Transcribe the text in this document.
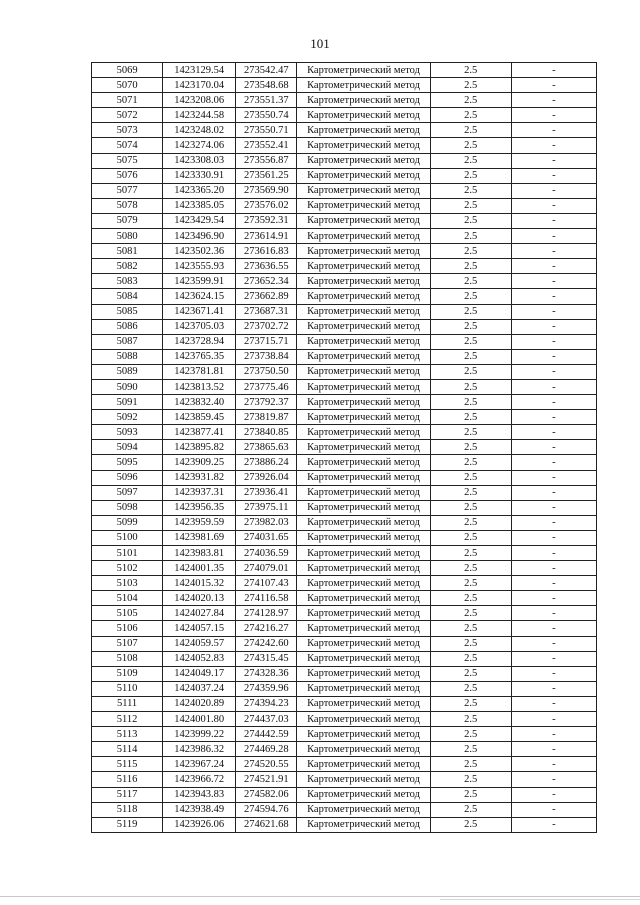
101
5069	1423129.54	273542.47	Картометрический метод	2.5	-
5070	1423170.04	273548.68	Картометрический метод	2.5	-
5071	1423208.06	273551.37	Картометрический метод	2.5	-
5072	1423244.58	273550.74	Картометрический метод	2.5	-
5073	1423248.02	273550.71	Картометрический метод	2.5	-
5074	1423274.06	273552.41	Картометрический метод	2.5	-
5075	1423308.03	273556.87	Картометрический метод	2.5	-
5076	1423330.91	273561.25	Картометрический метод	2.5	-
5077	1423365.20	273569.90	Картометрический метод	2.5	-
5078	1423385.05	273576.02	Картометрический метод	2.5	-
5079	1423429.54	273592.31	Картометрический метод	2.5	-
5080	1423496.90	273614.91	Картометрический метод	2.5	-
5081	1423502.36	273616.83	Картометрический метод	2.5	-
5082	1423555.93	273636.55	Картометрический метод	2.5	-
5083	1423599.91	273652.34	Картометрический метод	2.5	-
5084	1423624.15	273662.89	Картометрический метод	2.5	-
5085	1423671.41	273687.31	Картометрический метод	2.5	-
5086	1423705.03	273702.72	Картометрический метод	2.5	-
5087	1423728.94	273715.71	Картометрический метод	2.5	-
5088	1423765.35	273738.84	Картометрический метод	2.5	-
5089	1423781.81	273750.50	Картометрический метод	2.5	-
5090	1423813.52	273775.46	Картометрический метод	2.5	-
5091	1423832.40	273792.37	Картометрический метод	2.5	-
5092	1423859.45	273819.87	Картометрический метод	2.5	-
5093	1423877.41	273840.85	Картометрический метод	2.5	-
5094	1423895.82	273865.63	Картометрический метод	2.5	-
5095	1423909.25	273886.24	Картометрический метод	2.5	-
5096	1423931.82	273926.04	Картометрический метод	2.5	-
5097	1423937.31	273936.41	Картометрический метод	2.5	-
5098	1423956.35	273975.11	Картометрический метод	2.5	-
5099	1423959.59	273982.03	Картометрический метод	2.5	-
5100	1423981.69	274031.65	Картометрический метод	2.5	-
5101	1423983.81	274036.59	Картометрический метод	2.5	-
5102	1424001.35	274079.01	Картометрический метод	2.5	-
5103	1424015.32	274107.43	Картометрический метод	2.5	-
5104	1424020.13	274116.58	Картометрический метод	2.5	-
5105	1424027.84	274128.97	Картометрический метод	2.5	-
5106	1424057.15	274216.27	Картометрический метод	2.5	-
5107	1424059.57	274242.60	Картометрический метод	2.5	-
5108	1424052.83	274315.45	Картометрический метод	2.5	-
5109	1424049.17	274328.36	Картометрический метод	2.5	-
5110	1424037.24	274359.96	Картометрический метод	2.5	-
5111	1424020.89	274394.23	Картометрический метод	2.5	-
5112	1424001.80	274437.03	Картометрический метод	2.5	-
5113	1423999.22	274442.59	Картометрический метод	2.5	-
5114	1423986.32	274469.28	Картометрический метод	2.5	-
5115	1423967.24	274520.55	Картометрический метод	2.5	-
5116	1423966.72	274521.91	Картометрический метод	2.5	-
5117	1423943.83	274582.06	Картометрический метод	2.5	-
5118	1423938.49	274594.76	Картометрический метод	2.5	-
5119	1423926.06	274621.68	Картометрический метод	2.5	-
